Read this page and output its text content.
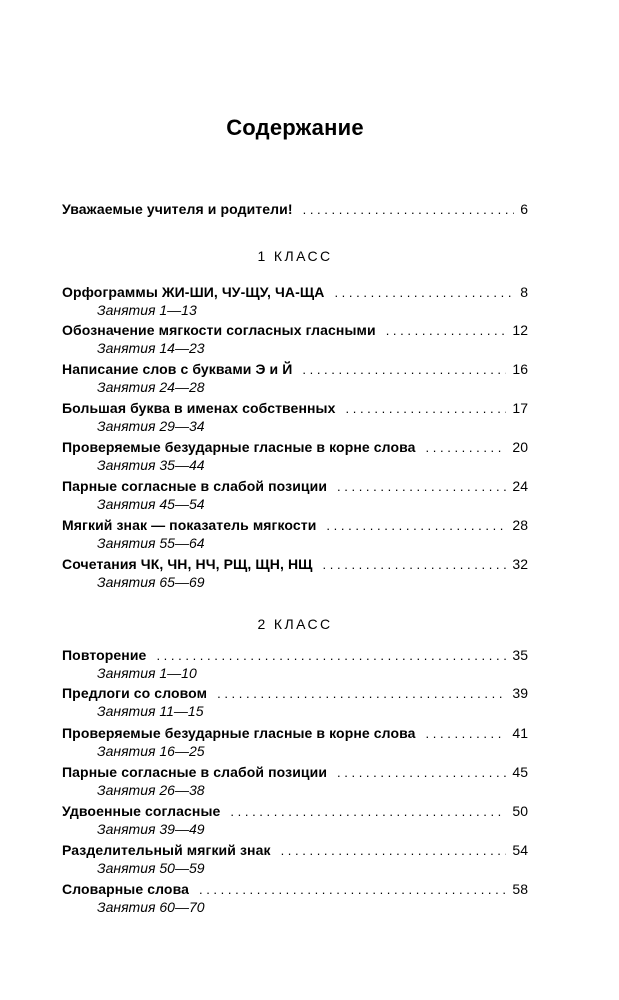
Содержание
Уважаемые учителя и родители! . . .	6
1 КЛАСС
Орфограммы ЖИ-ШИ, ЧУ-ЩУ, ЧА-ЩА . . .	8
Занятия 1—13
Обозначение мягкости согласных гласными . . .	12
Занятия 14—23
Написание слов с буквами Э и Й . . .	16
Занятия 24—28
Большая буква в именах собственных . . .	17
Занятия 29—34
Проверяемые безударные гласные в корне слова . . .	20
Занятия 35—44
Парные согласные в слабой позиции . . .	24
Занятия 45—54
Мягкий знак — показатель мягкости . . .	28
Занятия 55—64
Сочетания ЧК, ЧН, НЧ, РЩ, ЩН, НЩ . . .	32
Занятия 65—69
2 КЛАСС
Повторение . . .	35
Занятия 1—10
Предлоги со словом . . .	39
Занятия 11—15
Проверяемые безударные гласные в корне слова . . .	41
Занятия 16—25
Парные согласные в слабой позиции . . .	45
Занятия 26—38
Удвоенные согласные . . .	50
Занятия 39—49
Разделительный мягкий знак . . .	54
Занятия 50—59
Словарные слова . . .	58
Занятия 60—70
